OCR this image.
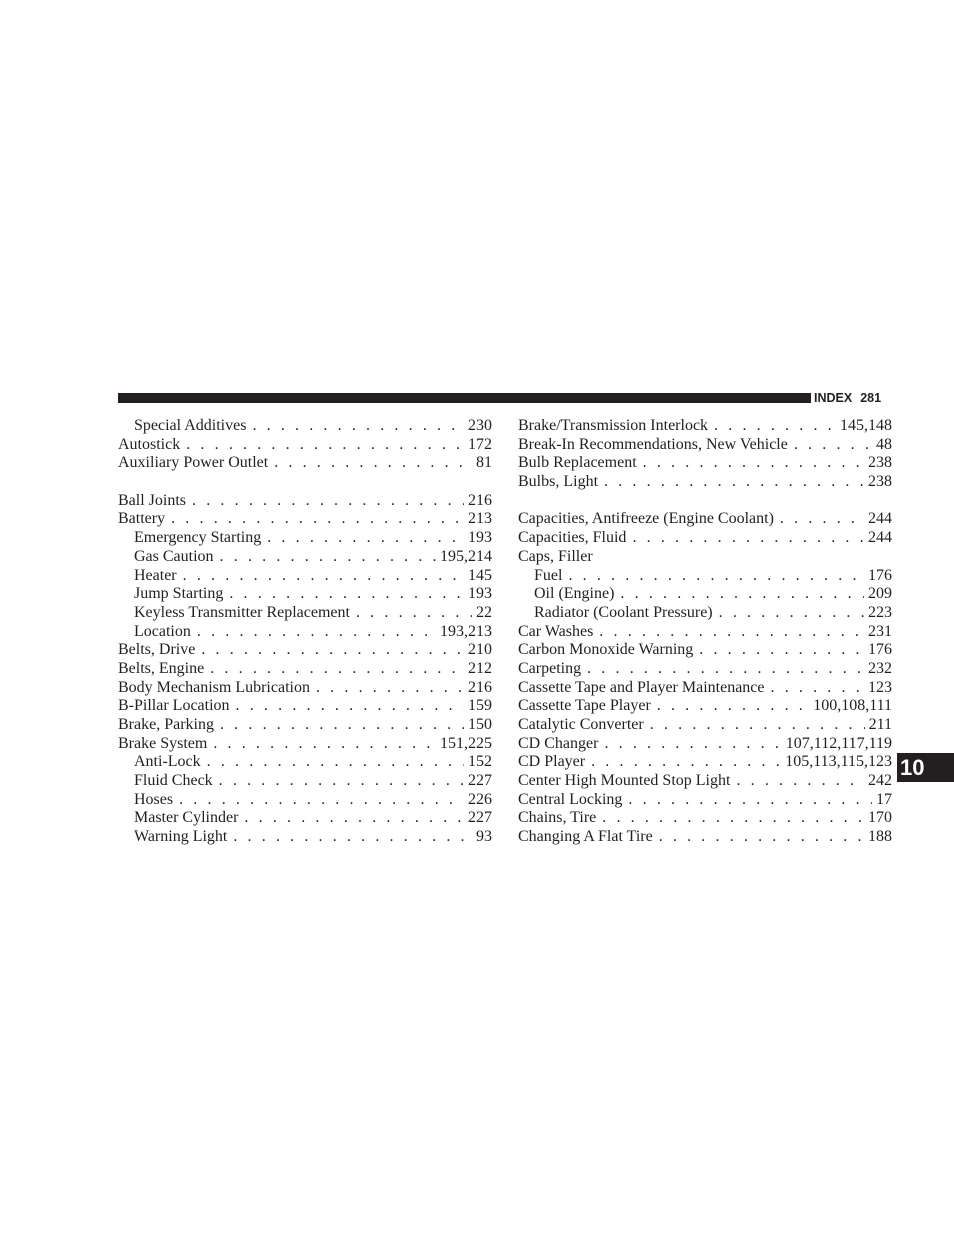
INDEX 281
Special Additives . . .	230
Autostick . . .	172
Auxiliary Power Outlet . . .	81
Ball Joints . . .	216
Battery . . .	213
Emergency Starting . . .	193
Gas Caution . . .	195,214
Heater . . .	145
Jump Starting . . .	193
Keyless Transmitter Replacement . . .	22
Location . . .	193,213
Belts, Drive . . .	210
Belts, Engine . . .	212
Body Mechanism Lubrication . . .	216
B-Pillar Location . . .	159
Brake, Parking . . .	150
Brake System . . .	151,225
Anti-Lock . . .	152
Fluid Check . . .	227
Hoses . . .	226
Master Cylinder . . .	227
Warning Light . . .	93
Brake/Transmission Interlock . . .	145,148
Break-In Recommendations, New Vehicle . . .	48
Bulb Replacement . . .	238
Bulbs, Light . . .	238
Capacities, Antifreeze (Engine Coolant) . . .	244
Capacities, Fluid . . .	244
Caps, Filler
Fuel . . .	176
Oil (Engine) . . .	209
Radiator (Coolant Pressure) . . .	223
Car Washes . . .	231
Carbon Monoxide Warning . . .	176
Carpeting . . .	232
Cassette Tape and Player Maintenance . . .	123
Cassette Tape Player . . .	100,108,111
Catalytic Converter . . .	211
CD Changer . . .	107,112,117,119
CD Player . . .	105,113,115,123
Center High Mounted Stop Light . . .	242
Central Locking . . .	17
Chains, Tire . . .	170
Changing A Flat Tire . . .	188
10
